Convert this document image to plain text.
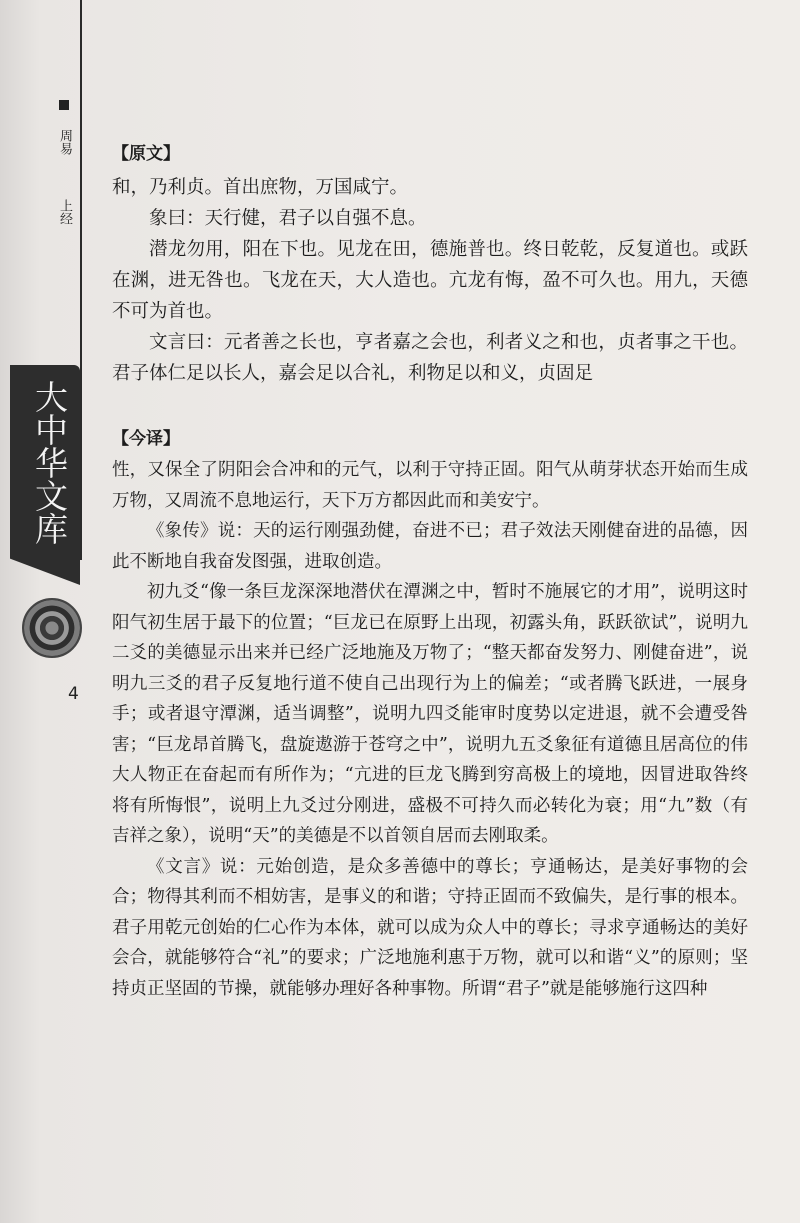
周易  上经
大中华文库
4
【原文】

和，乃利贞。首出庶物，万国咸宁。

象曰：天行健，君子以自强不息。

潜龙勿用，阳在下也。见龙在田，德施普也。终日乾乾，反复道也。或跃在渊，进无咎也。飞龙在天，大人造也。亢龙有悔，盈不可久也。用九，天德不可为首也。

文言曰：元者善之长也，亨者嘉之会也，利者义之和也，贞者事之干也。君子体仁足以长人，嘉会足以合礼，利物足以和义，贞固足

【今译】

性，又保全了阴阳会合冲和的元气，以利于守持正固。阳气从萌芽状态开始而生成万物，又周流不息地运行，天下万方都因此而和美安宁。

《象传》说：天的运行刚强劲健，奋进不已；君子效法天刚健奋进的品德，因此不断地自我奋发图强，进取创造。

初九爻“像一条巨龙深深地潜伏在潭渊之中，暂时不施展它的才用”，说明这时阳气初生居于最下的位置；“巨龙已在原野上出现，初露头角，跃跃欲试”，说明九二爻的美德显示出来并已经广泛地施及万物了；“整天都奋发努力、刚健奋进”，说明九三爻的君子反复地行道不使自己出现行为上的偏差；“或者腾飞跃进，一展身手；或者退守潭渊，适当调整”，说明九四爻能审时度势以定进退，就不会遭受咎害；“巨龙昂首腾飞，盘旋遨游于苍穹之中”，说明九五爻象征有道德且居高位的伟大人物正在奋起而有所作为；“亢进的巨龙飞腾到穷高极上的境地，因冒进取咎终将有所悔恨”，说明上九爻过分刚进，盛极不可持久而必转化为衰；用“九”数（有吉祥之象），说明“天”的美德是不以首领自居而去刚取柔。

《文言》说：元始创造，是众多善德中的尊长；亨通畅达，是美好事物的会合；物得其利而不相妨害，是事义的和谐；守持正固而不致偏失，是行事的根本。君子用乾元创始的仁心作为本体，就可以成为众人中的尊长；寻求亨通畅达的美好会合，就能够符合“礼”的要求；广泛地施利惠于万物，就可以和谐“义”的原则；坚持贞正坚固的节操，就能够办理好各种事物。所谓“君子”就是能够施行这四种
